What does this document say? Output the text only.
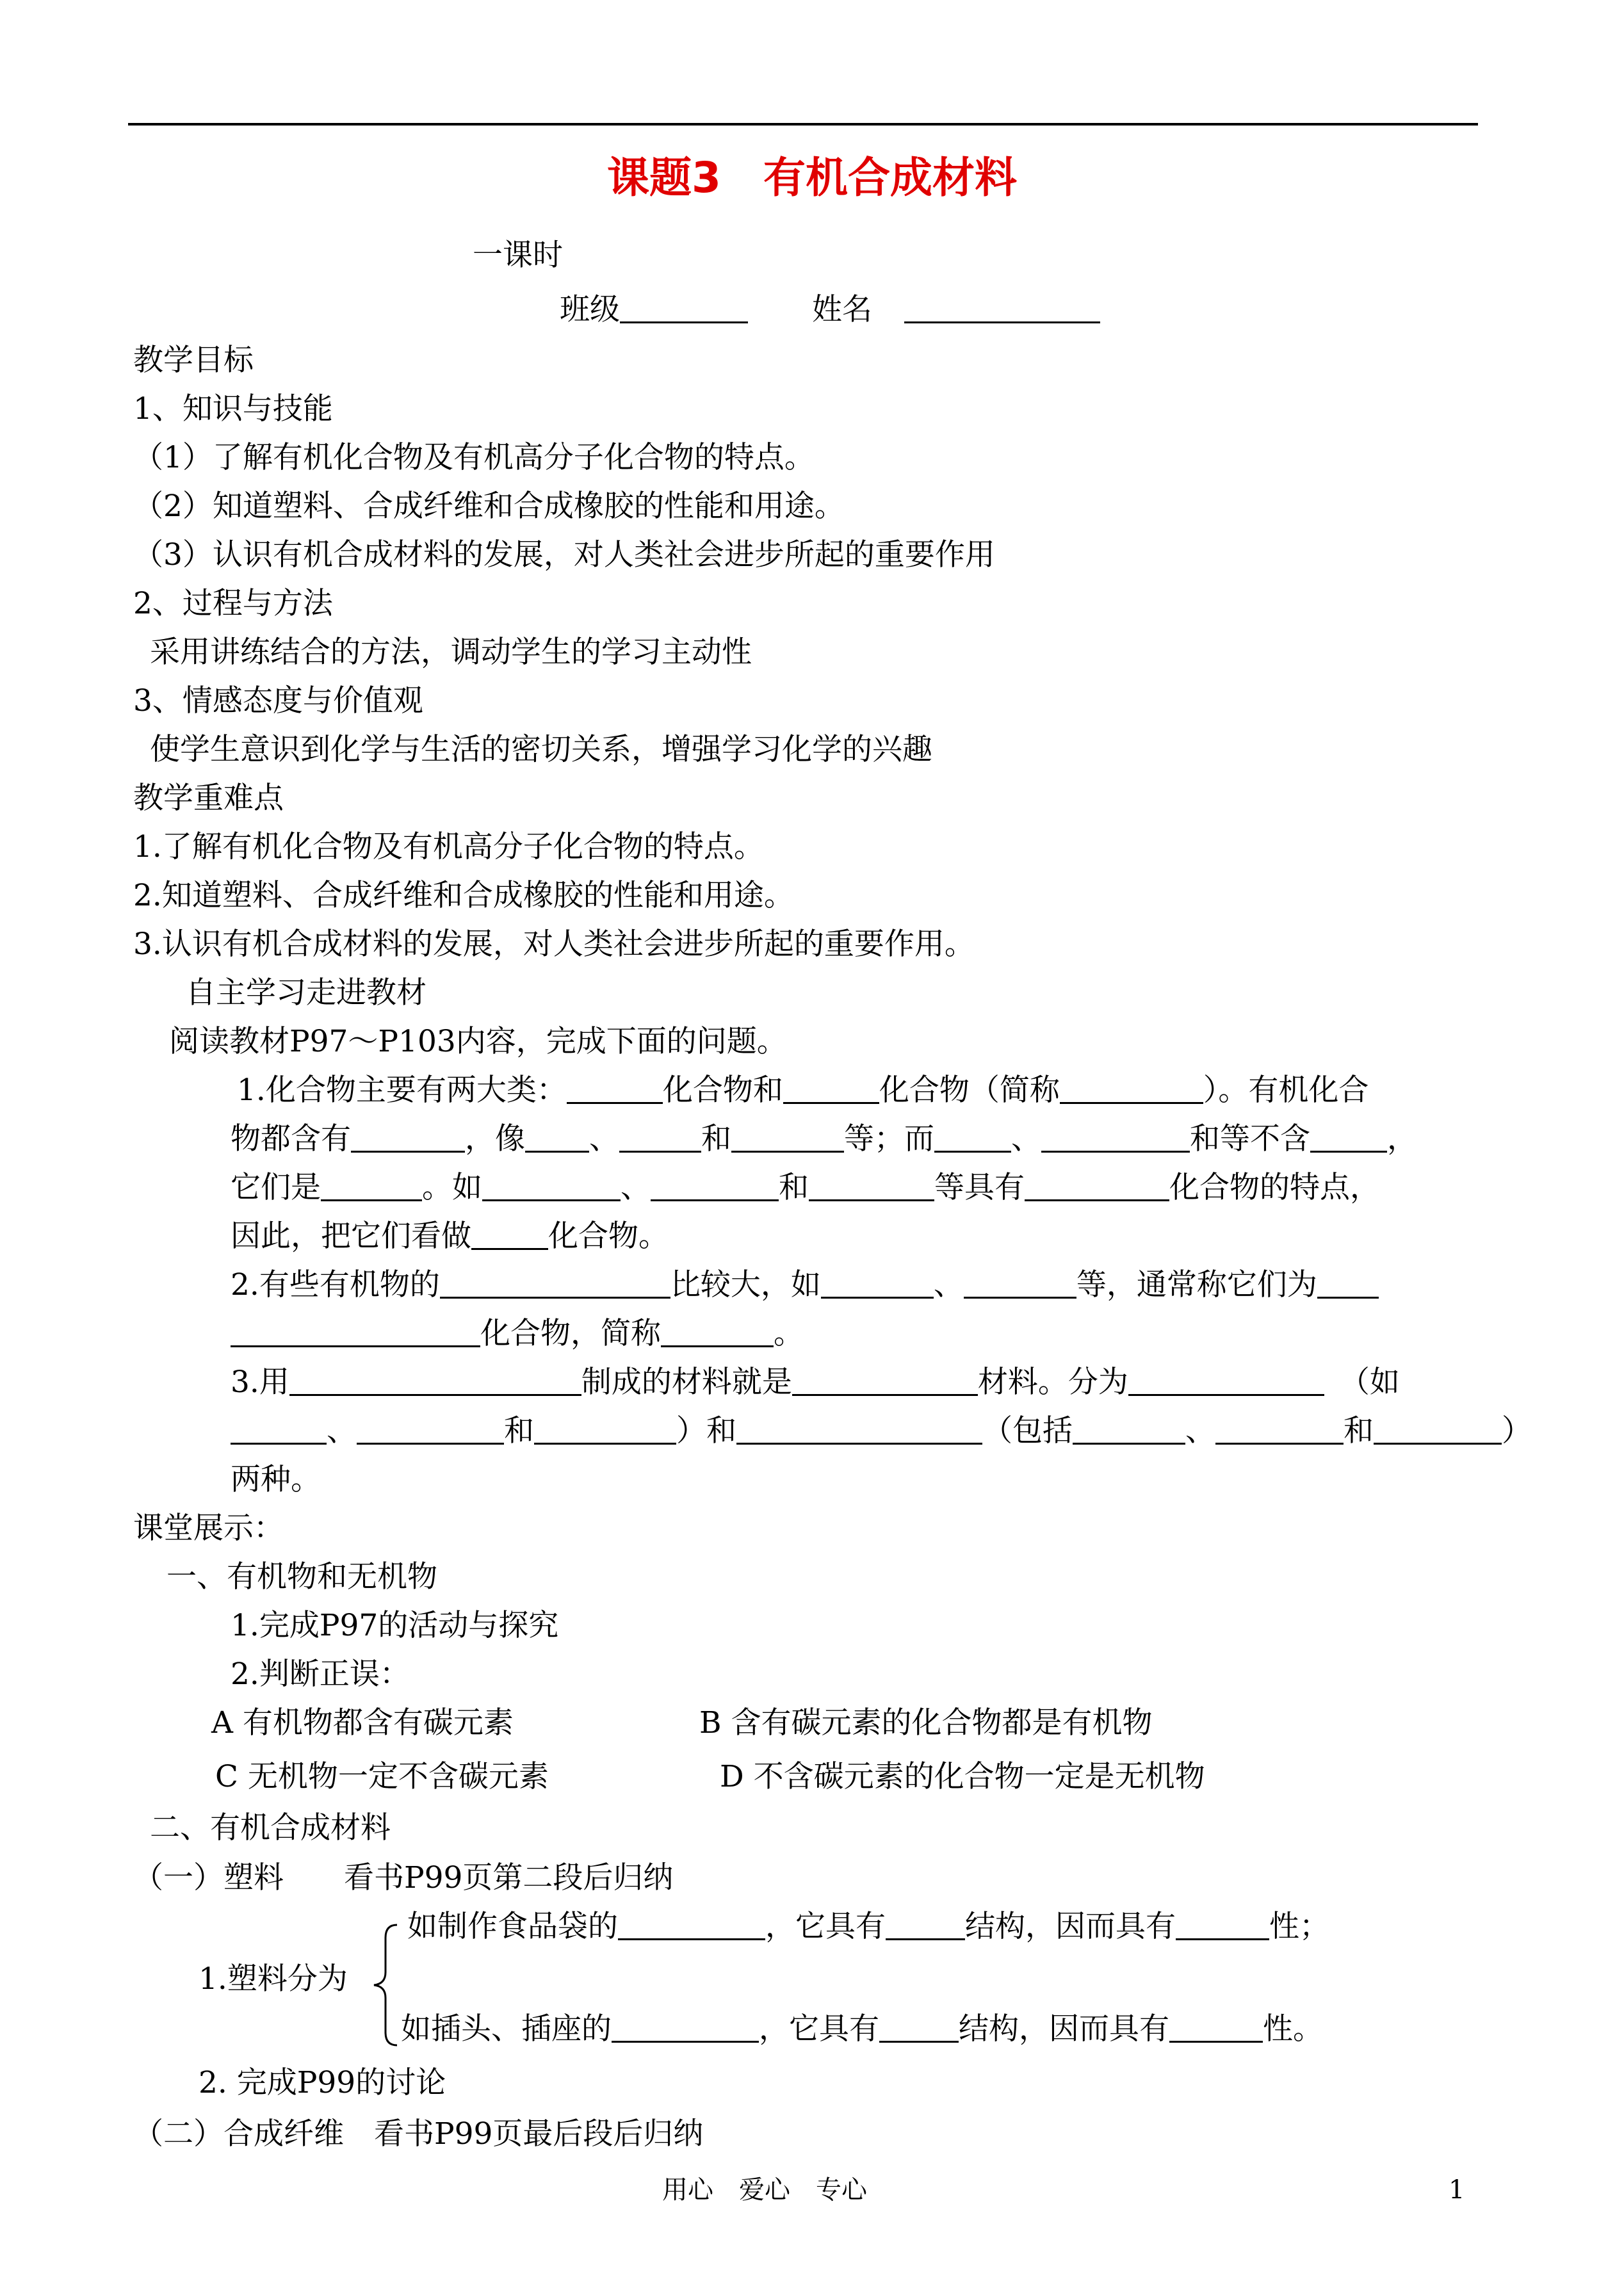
课题3　有机合成材料
一课时
班级	姓名
教学目标
1、知识与技能
（1）了解有机化合物及有机高分子化合物的特点。
（2）知道塑料、合成纤维和合成橡胶的性能和用途。
（3）认识有机合成材料的发展，对人类社会进步所起的重要作用
2、过程与方法
采用讲练结合的方法，调动学生的学习主动性
3、情感态度与价值观
使学生意识到化学与生活的密切关系，增强学习化学的兴趣
教学重难点
1.了解有机化合物及有机高分子化合物的特点。
2.知道塑料、合成纤维和合成橡胶的性能和用途。
3.认识有机合成材料的发展，对人类社会进步所起的重要作用。
自主学习走进教材
阅读教材P97～P103内容，完成下面的问题。
1.化合物主要有两大类：	化合物和	化合物（简称	）。有机化合
物都含有	，像 、	和	等；而	、	和等不含	，
它们是	。如	、	和	等具有	化合物的特点，
因此，把它们看做	化合物。
2.有些有机物的	比较大，如	、	等，通常称它们为
化合物，简称	。
3.用	制成的材料就是	材料。分为	（如
、	和	）和	（包括	、	和	）
两种。
课堂展示：
一、有机物和无机物
1.完成P97的活动与探究
2.判断正误：
A 有机物都含有碳元素	B 含有碳元素的化合物都是有机物
C 无机物一定不含碳元素	D 不含碳元素的化合物一定是无机物
二、有机合成材料
（一）塑料　　看书P99页第二段后归纳
如制作食品袋的	，它具有	结构，因而具有	性；
1.塑料分为
如插头、插座的	，它具有	结构，因而具有	性。
2. 完成P99的讨论
（二）合成纤维　看书P99页最后段后归纳
用心　爱心　专心	1
